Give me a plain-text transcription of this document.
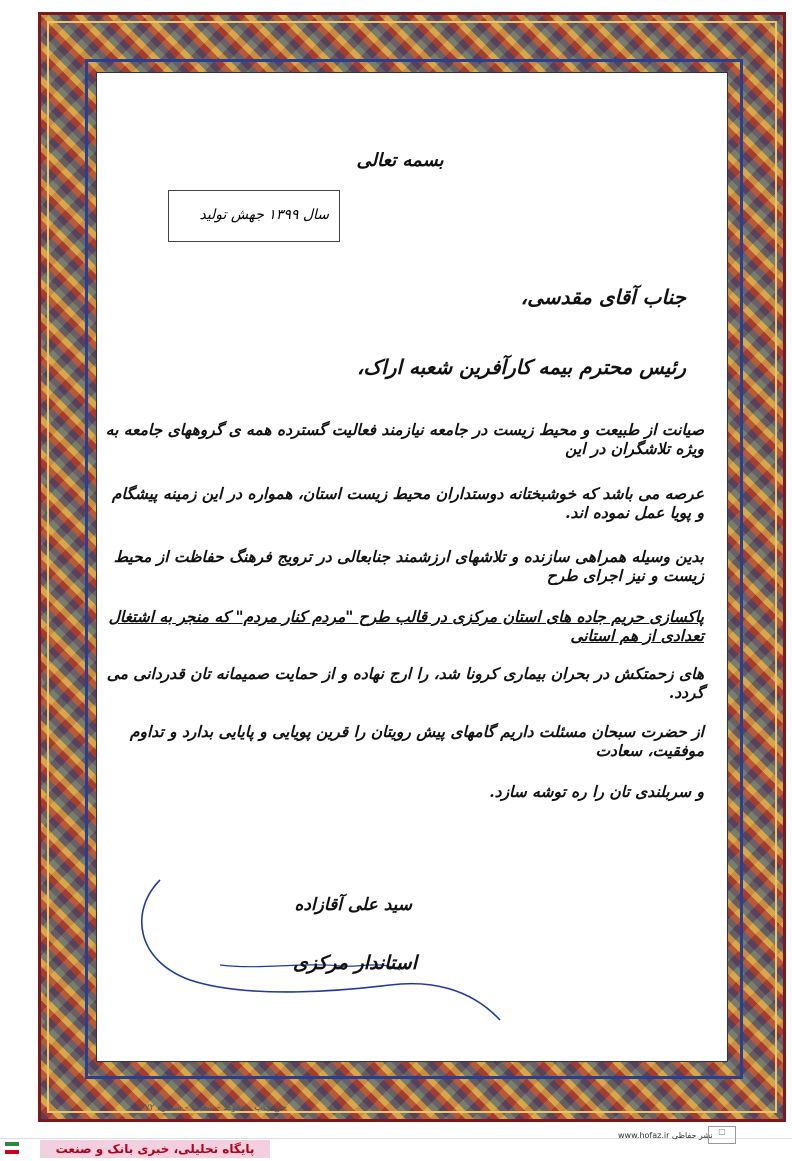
بسمه تعالی
سال ۱۳۹۹ جهش تولید
جناب آقای مقدسی،
رئیس محترم بیمه کارآفرین شعبه اراک،
صیانت از طبیعت و محیط زیست در جامعه نیازمند فعالیت گسترده همه ی گروههای جامعه به ویژه تلاشگران در این
عرصه می باشد که خوشبختانه دوستداران محیط زیست استان، همواره در این زمینه پیشگام و پویا عمل نموده اند.
بدین وسیله همراهی سازنده و تلاشهای ارزشمند جنابعالی در ترویج فرهنگ حفاظت از محیط زیست و نیز اجرای طرح
پاکسازی حریم جاده های استان مرکزی در قالب طرح "مردم کنار مردم" که منجر به اشتغال تعدادی از هم استانی
های زحمتکش در بحران بیماری کرونا شد، را ارج نهاده و از حمایت صمیمانه تان قدردانی می گردد.
از حضرت سبحان مسئلت داریم گامهای پیش رویتان را قرین پویایی و پایایی بدارد و تداوم موفقیت، سعادت
و سربلندی تان را ره توشه سازد.
سید علی آقازاده
استاندار مرکزی
حق چاپ محفوظ - شعیب - شماره ۶۷۲
پایگاه تحلیلی، خبری بانک و صنعت
www.hofaz.ir نشر حفاظی ▢
